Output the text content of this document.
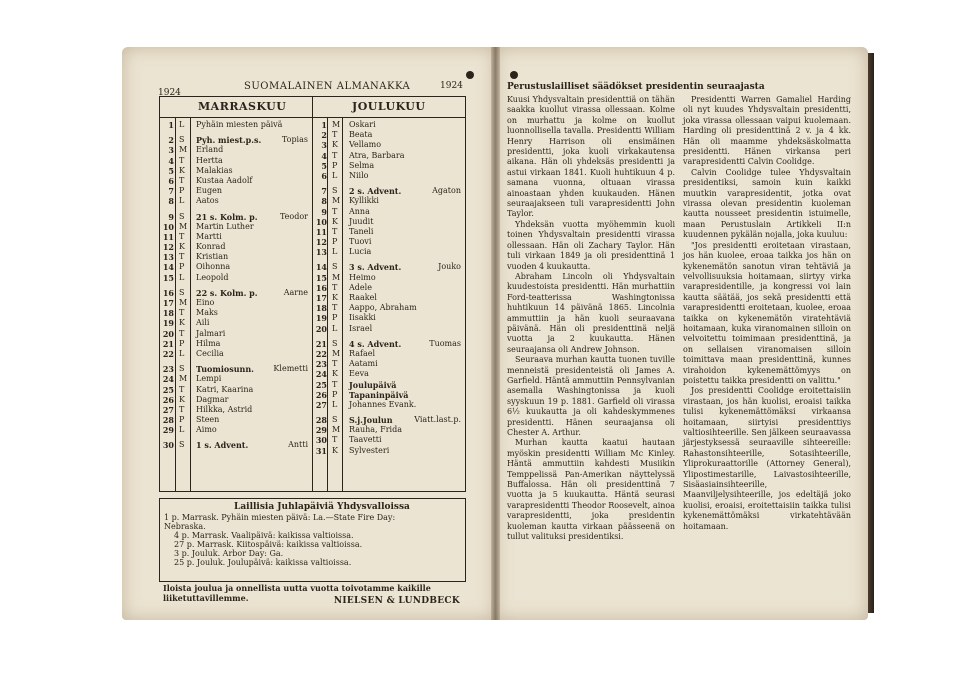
1924
SUOMALAINEN ALMANAKKA	1924
MARRASKUU	JOULUKUU
1 L	Pyhäin miesten päivä
2 S	Pyh. miest.p.s.	Topias
3 M Erland
4 T	Hertta
5 K	Malakias
6 T	Kustaa Aadolf
7 P	Eugen
8 L	Aatos
9 S	21 s. Kolm. p.	Teodor
10 M Martin Luther
11 T	Martti
12 K	Konrad
13 T	Kristian
14 P	Oihonna
15 L	Leopold
16 S	22 s. Kolm. p.	Aarne
17 M Eino
18 T	Maks
19 K	Aili
20 T	Jalmari
21 P	Hilma
22 L	Cecilia
23 S	Tuomiosunn. Klemetti
24 M Lempi
25 T	Katri, Kaarina
26 K	Dagmar
27 T	Hilkka, Astrid
28 P	Steen
29 L	Aimo
30 S	1 s. Advent.	Antti
1 M Oskari
2 T	Beata
3 K	Vellamo
4 T	Atra, Barbara
5 P	Selma
6 L	Niilo
7 S	2 s. Advent.	Agaton
8 M Kyllikki
9 T	Anna
10 K	Juudit
11 T	Taneli
12 P	Tuovi
13 L	Lucia
14 S	3 s. Advent.	Jouko
15 M Heimo
16 T	Adele
17 K	Raakel
18 T	Aappo, Abraham
19 P	Iisakki
20 L	Israel
21 S	4 s. Advent.	Tuomas
22 M Rafael
23 T	Aatami
24 K	Eeva
25 T	Joulupäivä
26 P	Tapaninpäivä
27 L	Johannes Evank.
28 S	S.j.Joulun	Viatt.last.p.
29 M Rauha, Frida
30 T	Taavetti
31 K	Sylvesteri
Laillisia Juhlapäiviä Yhdysvalloissa
1 p. Marrask. Pyhäin miesten päivä: La.—State Fire Day:
Nebraska.
4 p. Marrask. Vaalipäivä: kaikissa valtioissa.
27 p. Marrask. Kiitospäivä: kaikissa valtioissa.
3 p. Jouluk. Arbor Day: Ga.
25 p. Jouluk. Joulupäivä: kaikissa valtioissa.
Iloista joulua ja onnellista uutta vuotta toivotamme kaikille
liiketuttavillemme.	NIELSEN & LUNDBECK
Perustuslailliset säädökset presidentin seuraajasta

Kuusi Yhdysvaltain presidenttiä on tähän saakka kuollut virassa ollessaan. Kolme on murhattu ja kolme on kuollut luonnollisella tavalla. Presidentti William Henry Harrison oli ensimäinen presidentti, joka kuoli virkakautensa aikana. Hän oli yhdeksäs presidentti ja astui virkaan 1841. Kuoli huhtikuun 4 p. samana vuonna, oltuaan virassa ainoastaan yhden kuukauden. Hänen seuraajakseen tuli varapresidentti John Taylor.

Yhdeksän vuotta myöhemmin kuoli toinen Yhdysvaltain presidentti virassa ollessaan. Hän oli Zachary Taylor. Hän tuli virkaan 1849 ja oli presidenttinä 1 vuoden 4 kuukautta.

Abraham Lincoln oli Yhdysvaltain kuudestoista presidentti. Hän murhattiin Ford-teatterissa Washingtonissa huhtikuun 14 päivänä 1865. Lincolnia ammuttiin ja hän kuoli seuraavana päivänä. Hän oli presidenttinä neljä vuotta ja 2 kuukautta. Hänen seuraajansa oli Andrew Johnson.

Seuraava murhan kautta tuonen tuville menneistä presidenteistä oli James A. Garfield. Häntä ammuttiin Pennsylvanian asemalla Washingtonissa ja kuoli syyskuun 19 p. 1881. Garfield oli virassa 6½ kuukautta ja oli kahdeskymmenes presidentti. Hänen seuraajansa oli Chester A. Arthur.

Murhan kautta kaatui hautaan myöskin presidentti William Mc Kinley. Häntä ammuttiin kahdesti Musiikin Temppelissä Pan-Amerikan näyttelyssä Buffalossa. Hän oli presidenttinä 7 vuotta ja 5 kuukautta. Häntä seurasi varapresidentti Theodor Roosevelt, ainoa varapresidentti, joka presidentin kuoleman kautta virkaan päässeenä on tullut valituksi presidentiksi.

Presidentti Warren Gamaliel Harding oli nyt kuudes Yhdysvaltain presidentti, joka virassa ollessaan vaipui kuolemaan. Harding oli presidenttinä 2 v. ja 4 kk. Hän oli maamme yhdeksäskolmatta presidentti. Hänen virkansa peri varapresidentti Calvin Coolidge.

Calvin Coolidge tulee Yhdysvaltain presidentiksi, samoin kuin kaikki muutkin varapresidentit, jotka ovat virassa olevan presidentin kuoleman kautta nousseet presidentin istuimelle, maan Perustuslain Artikkeli II:n kuudennen pykälän nojalla, joka kuuluu:

"Jos presidentti eroitetaan virastaan, jos hän kuolee, eroaa taikka jos hän on kykenemätön sanotun viran tehtäviä ja velvollisuuksia hoitamaan, siirtyy virka varapresidentille, ja kongressi voi lain kautta säätää, jos sekä presidentti että varapresidentti eroitetaan, kuolee, eroaa taikka on kykenemätön viratehtäviä hoitamaan, kuka viranomainen silloin on velvoitettu toimimaan presidenttinä, ja on sellaisen viranomaisen silloin toimittava maan presidenttinä, kunnes virahoidon kykenemättömyys on poistettu taikka presidentti on valittu."

Jos presidentti Coolidge eroitettaisiin virastaan, jos hän kuolisi, eroaisi taikka tulisi kykenemättömäksi virkaansa hoitamaan, siirtyisi presidenttiys valtiosihteerille. Sen jälkeen seuraavassa järjestyksessä seuraaville sihteereille: Rahastonsihteerille, Sotasihteerille, Yliprokuraattorille (Attorney General), Ylipostimestarille, Laivastosihteerille, Sisäasiainsihteerille, Maanviljelysihteerille, jos edeltäjä joko kuolisi, eroaisi, eroitettaisiin taikka tulisi kykenemättömäksi virkatehtävään hoitamaan.
